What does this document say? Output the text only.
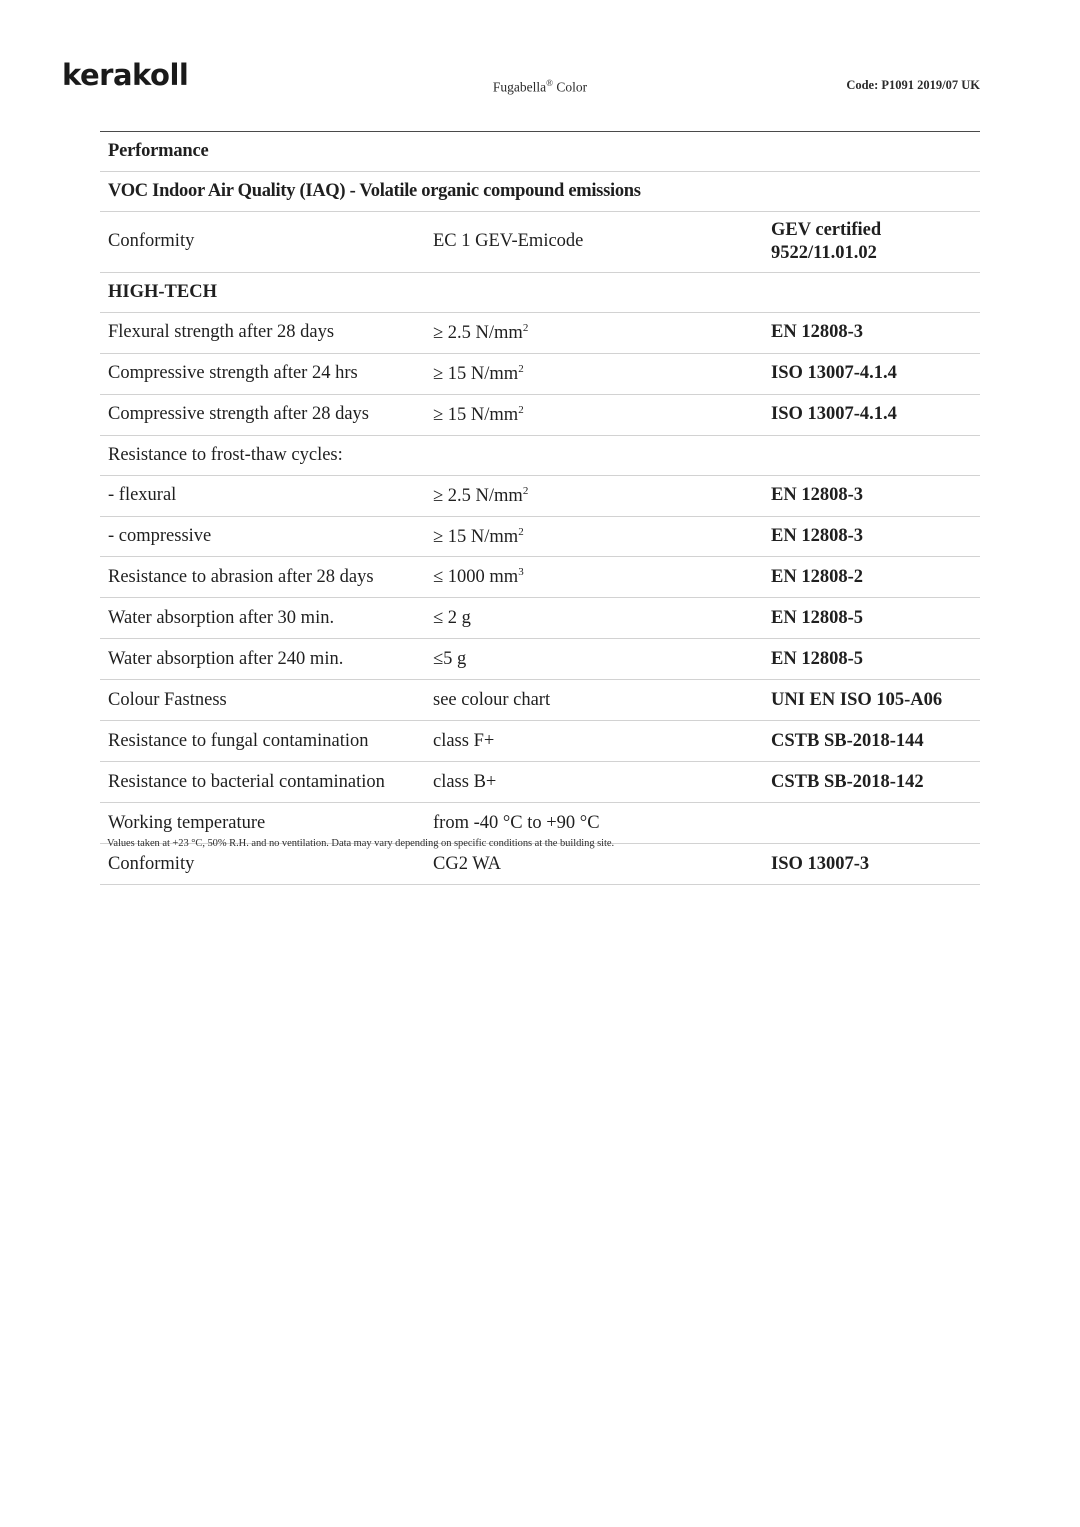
kerakoll	Fugabella® Color	Code: P1091 2019/07 UK
Performance		
VOC Indoor Air Quality (IAQ) - Volatile organic compound emissions		
Conformity	EC 1 GEV-Emicode	GEV certified
9522/11.01.02
HIGH-TECH		
Flexural strength after 28 days	≥ 2.5 $N/mm^2$	EN 12808-3
Compressive strength after 24 hrs	≥ 15 $N/mm^2$	ISO 13007-4.1.4
Compressive strength after 28 days	≥ 15 $N/mm^2$	ISO 13007-4.1.4
Resistance to frost-thaw cycles:		
- flexural	≥ 2.5 $N/mm^2$	EN 12808-3
- compressive	≥ 15 $N/mm^2$	EN 12808-3
Resistance to abrasion after 28 days	≤ 1000 $mm^3$	EN 12808-2
Water absorption after 30 min.	≤ 2 g	EN 12808-5
Water absorption after 240 min.	≤5 g	EN 12808-5
Colour Fastness	see colour chart	UNI EN ISO 105-A06
Resistance to fungal contamination	class F+	CSTB SB-2018-144
Resistance to bacterial contamination	class B+	CSTB SB-2018-142
Working temperature	from -40 °C to +90 °C	
Conformity	CG2 WA	ISO 13007-3
Values taken at +23 °C, 50% R.H. and no ventilation. Data may vary depending on specific conditions at the building site.
